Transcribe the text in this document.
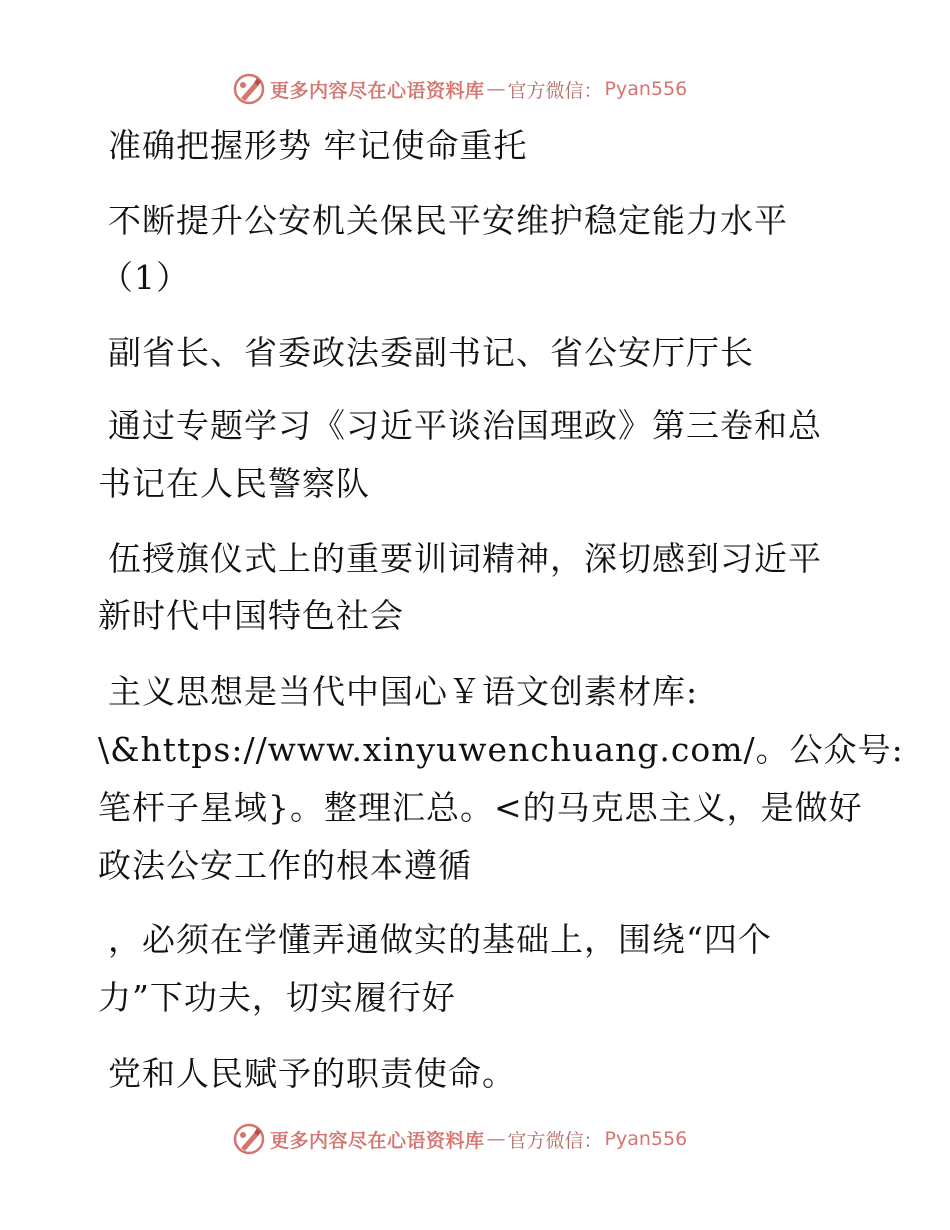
更多内容尽在心语资料库 — 官方微信： Pyan556
准确把握形势 牢记使命重托
不断提升公安机关保民平安维护稳定能力水平
（1）
副省长、省委政法委副书记、省公安厅厅长
通过专题学习《习近平谈治国理政》第三卷和总
书记在人民警察队
伍授旗仪式上的重要训词精神，深切感到习近平
新时代中国特色社会
主义思想是当代中国心￥语文创素材库:
\&https://www.xinyuwenchuang.com/。公众号:
笔杆子星域}。整理汇总。<的马克思主义，是做好
政法公安工作的根本遵循
，必须在学懂弄通做实的基础上，围绕“四个
力”下功夫，切实履行好
党和人民赋予的职责使命。
更多内容尽在心语资料库 — 官方微信： Pyan556
